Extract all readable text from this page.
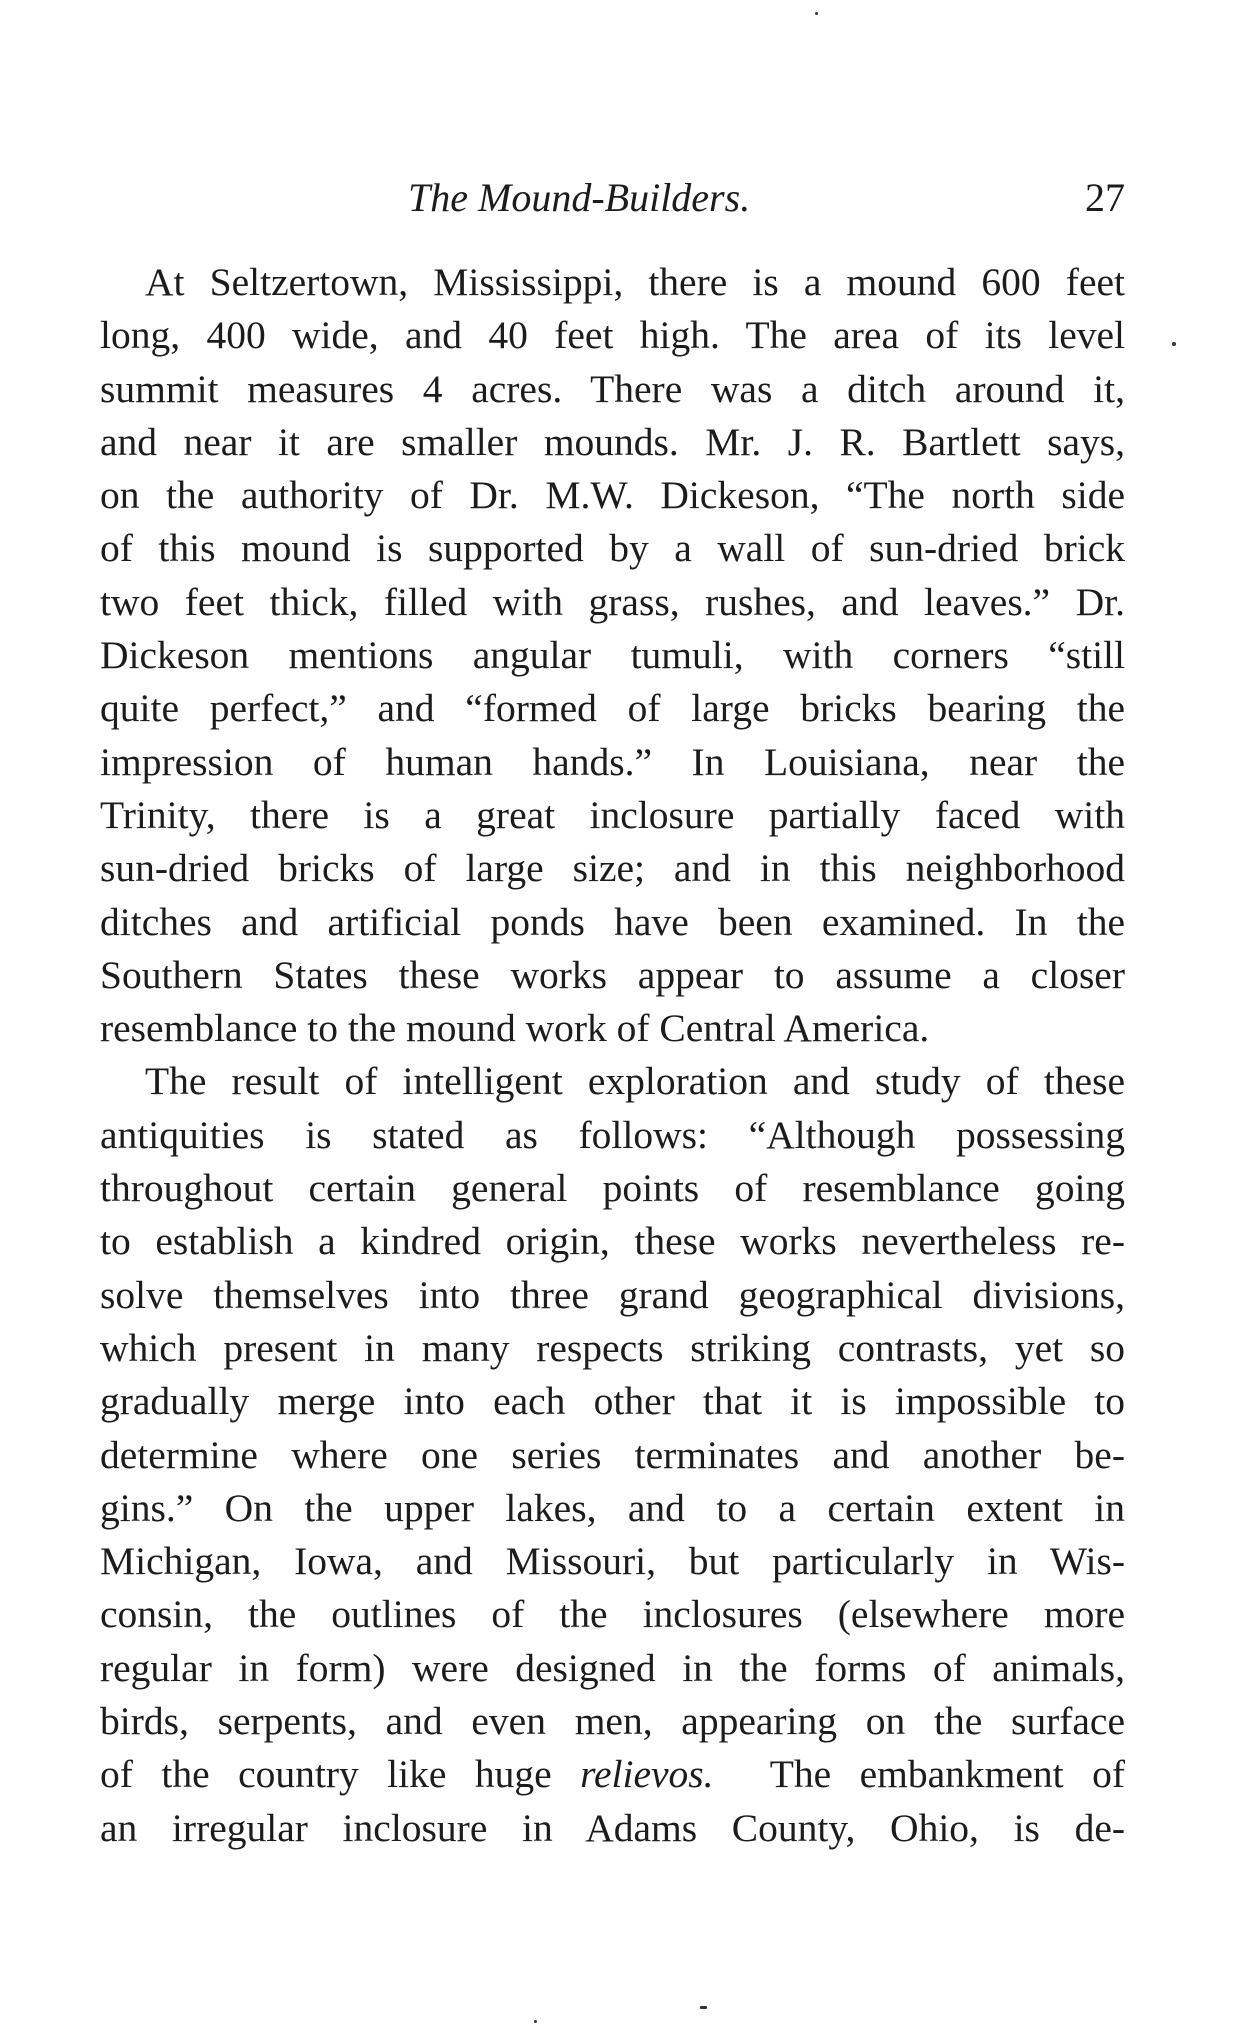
The Mound-Builders.	27
At Seltzertown, Mississippi, there is a mound 600 feet
long, 400 wide, and 40 feet high. The area of its level
summit measures 4 acres. There was a ditch around it,
and near it are smaller mounds. Mr. J. R. Bartlett says,
on the authority of Dr. M.W. Dickeson, “The north side
of this mound is supported by a wall of sun-dried brick
two feet thick, filled with grass, rushes, and leaves.” Dr.
Dickeson mentions angular tumuli, with corners “still
quite perfect,” and “formed of large bricks bearing the
impression of human hands.” In Louisiana, near the
Trinity, there is a great inclosure partially faced with
sun-dried bricks of large size; and in this neighborhood
ditches and artificial ponds have been examined. In the
Southern States these works appear to assume a closer
resemblance to the mound work of Central America.
The result of intelligent exploration and study of these
antiquities is stated as follows: “Although possessing
throughout certain general points of resemblance going
to establish a kindred origin, these works nevertheless re-
solve themselves into three grand geographical divisions,
which present in many respects striking contrasts, yet so
gradually merge into each other that it is impossible to
determine where one series terminates and another be-
gins.” On the upper lakes, and to a certain extent in
Michigan, Iowa, and Missouri, but particularly in Wis-
consin, the outlines of the inclosures (elsewhere more
regular in form) were designed in the forms of animals,
birds, serpents, and even men, appearing on the surface
of the country like huge relievos.  The embankment of
an irregular inclosure in Adams County, Ohio, is de-
